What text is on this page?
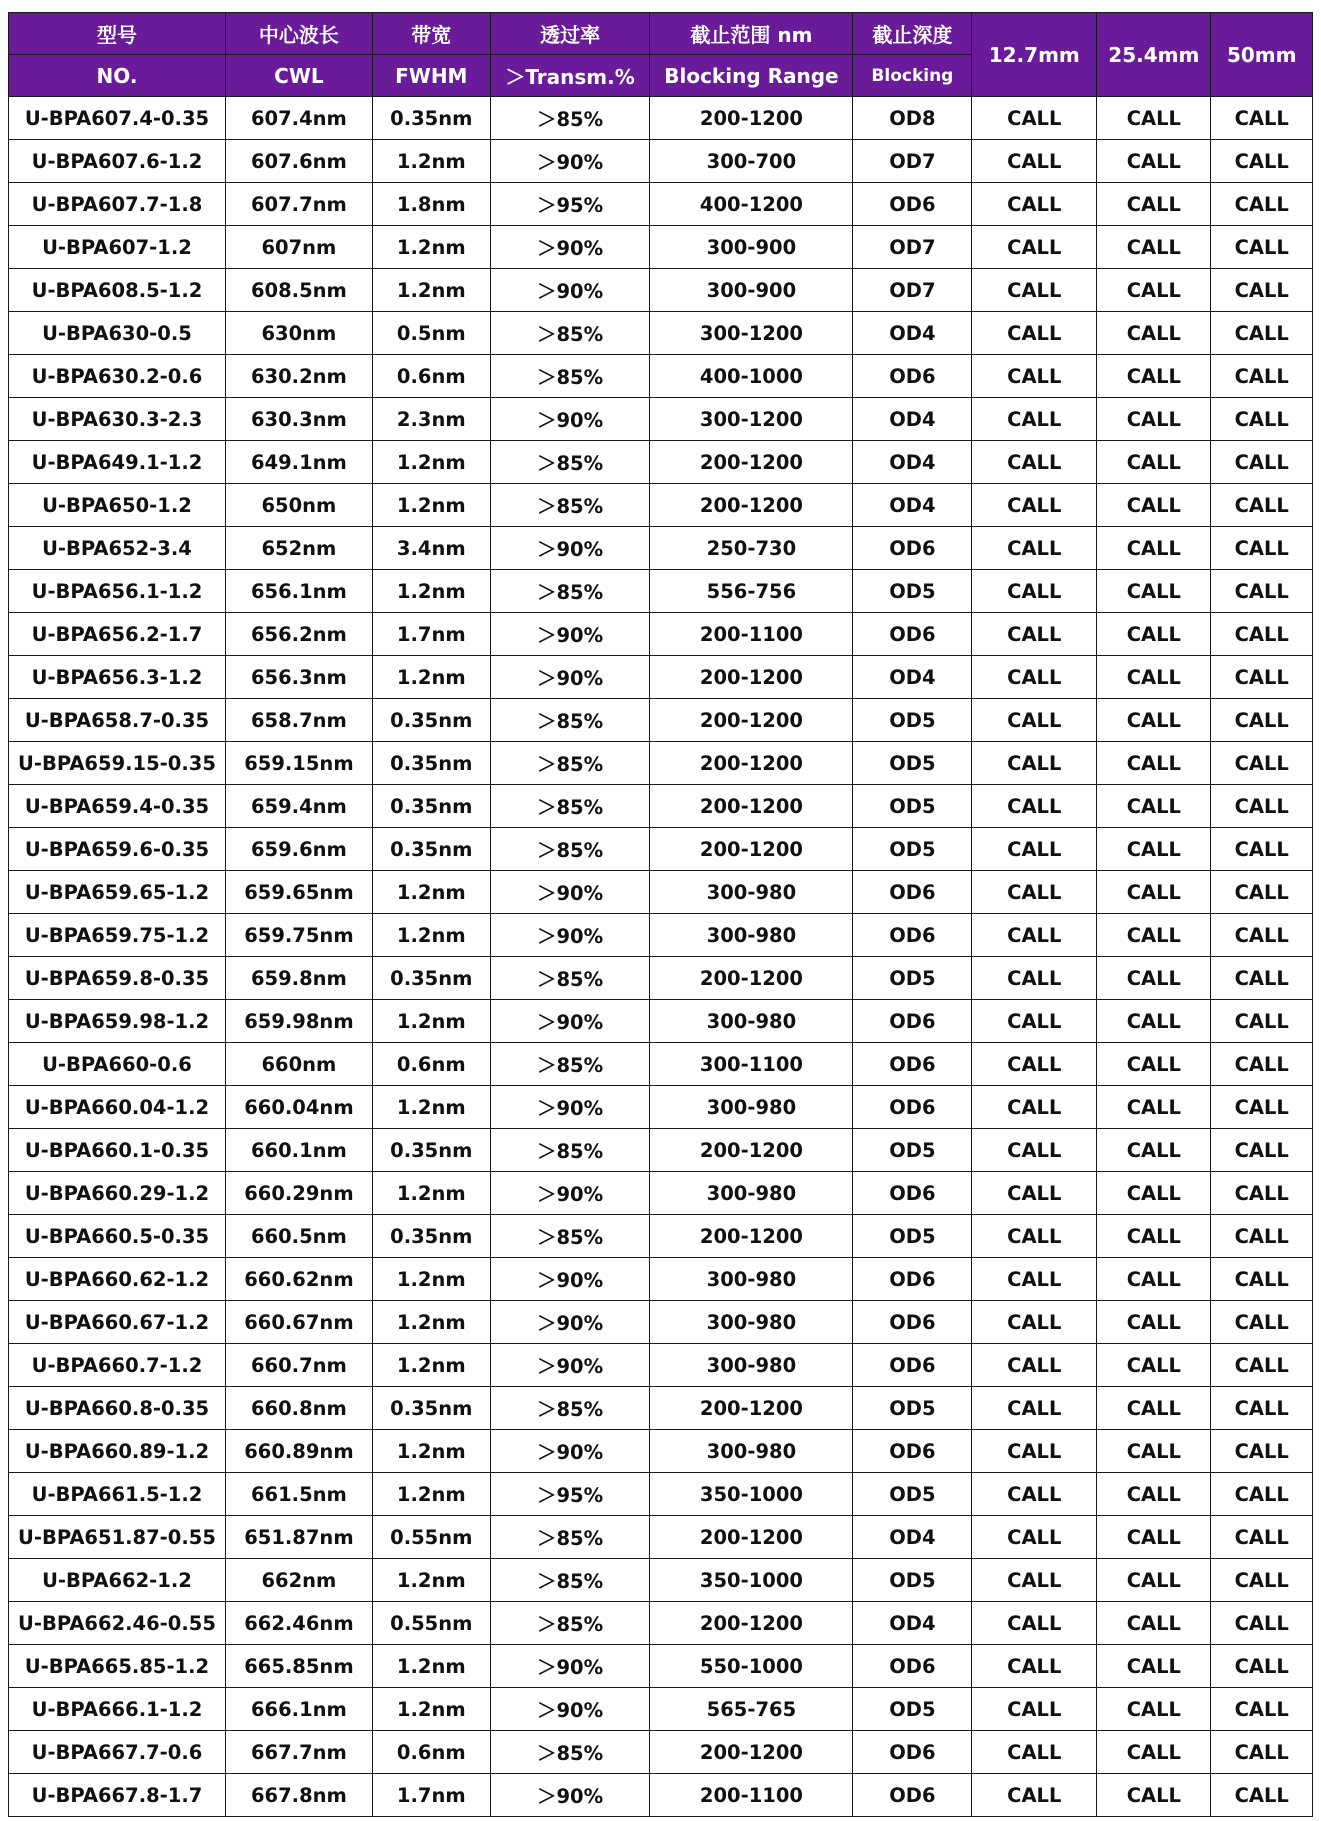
型号	中心波长	带宽	透过率	截止范围 nm	截止深度	12.7mm	25.4mm	50mm
NO.	CWL	FWHM	＞Transm.%	Blocking Range	Blocking			
U-BPA607.4-0.35	607.4nm	0.35nm	＞85%	200-1200	OD8	CALL	CALL	CALL
U-BPA607.6-1.2	607.6nm	1.2nm	＞90%	300-700	OD7	CALL	CALL	CALL
U-BPA607.7-1.8	607.7nm	1.8nm	＞95%	400-1200	OD6	CALL	CALL	CALL
U-BPA607-1.2	607nm	1.2nm	＞90%	300-900	OD7	CALL	CALL	CALL
U-BPA608.5-1.2	608.5nm	1.2nm	＞90%	300-900	OD7	CALL	CALL	CALL
U-BPA630-0.5	630nm	0.5nm	＞85%	300-1200	OD4	CALL	CALL	CALL
U-BPA630.2-0.6	630.2nm	0.6nm	＞85%	400-1000	OD6	CALL	CALL	CALL
U-BPA630.3-2.3	630.3nm	2.3nm	＞90%	300-1200	OD4	CALL	CALL	CALL
U-BPA649.1-1.2	649.1nm	1.2nm	＞85%	200-1200	OD4	CALL	CALL	CALL
U-BPA650-1.2	650nm	1.2nm	＞85%	200-1200	OD4	CALL	CALL	CALL
U-BPA652-3.4	652nm	3.4nm	＞90%	250-730	OD6	CALL	CALL	CALL
U-BPA656.1-1.2	656.1nm	1.2nm	＞85%	556-756	OD5	CALL	CALL	CALL
U-BPA656.2-1.7	656.2nm	1.7nm	＞90%	200-1100	OD6	CALL	CALL	CALL
U-BPA656.3-1.2	656.3nm	1.2nm	＞90%	200-1200	OD4	CALL	CALL	CALL
U-BPA658.7-0.35	658.7nm	0.35nm	＞85%	200-1200	OD5	CALL	CALL	CALL
U-BPA659.15-0.35	659.15nm	0.35nm	＞85%	200-1200	OD5	CALL	CALL	CALL
U-BPA659.4-0.35	659.4nm	0.35nm	＞85%	200-1200	OD5	CALL	CALL	CALL
U-BPA659.6-0.35	659.6nm	0.35nm	＞85%	200-1200	OD5	CALL	CALL	CALL
U-BPA659.65-1.2	659.65nm	1.2nm	＞90%	300-980	OD6	CALL	CALL	CALL
U-BPA659.75-1.2	659.75nm	1.2nm	＞90%	300-980	OD6	CALL	CALL	CALL
U-BPA659.8-0.35	659.8nm	0.35nm	＞85%	200-1200	OD5	CALL	CALL	CALL
U-BPA659.98-1.2	659.98nm	1.2nm	＞90%	300-980	OD6	CALL	CALL	CALL
U-BPA660-0.6	660nm	0.6nm	＞85%	300-1100	OD6	CALL	CALL	CALL
U-BPA660.04-1.2	660.04nm	1.2nm	＞90%	300-980	OD6	CALL	CALL	CALL
U-BPA660.1-0.35	660.1nm	0.35nm	＞85%	200-1200	OD5	CALL	CALL	CALL
U-BPA660.29-1.2	660.29nm	1.2nm	＞90%	300-980	OD6	CALL	CALL	CALL
U-BPA660.5-0.35	660.5nm	0.35nm	＞85%	200-1200	OD5	CALL	CALL	CALL
U-BPA660.62-1.2	660.62nm	1.2nm	＞90%	300-980	OD6	CALL	CALL	CALL
U-BPA660.67-1.2	660.67nm	1.2nm	＞90%	300-980	OD6	CALL	CALL	CALL
U-BPA660.7-1.2	660.7nm	1.2nm	＞90%	300-980	OD6	CALL	CALL	CALL
U-BPA660.8-0.35	660.8nm	0.35nm	＞85%	200-1200	OD5	CALL	CALL	CALL
U-BPA660.89-1.2	660.89nm	1.2nm	＞90%	300-980	OD6	CALL	CALL	CALL
U-BPA661.5-1.2	661.5nm	1.2nm	＞95%	350-1000	OD5	CALL	CALL	CALL
U-BPA651.87-0.55	651.87nm	0.55nm	＞85%	200-1200	OD4	CALL	CALL	CALL
U-BPA662-1.2	662nm	1.2nm	＞85%	350-1000	OD5	CALL	CALL	CALL
U-BPA662.46-0.55	662.46nm	0.55nm	＞85%	200-1200	OD4	CALL	CALL	CALL
U-BPA665.85-1.2	665.85nm	1.2nm	＞90%	550-1000	OD6	CALL	CALL	CALL
U-BPA666.1-1.2	666.1nm	1.2nm	＞90%	565-765	OD5	CALL	CALL	CALL
U-BPA667.7-0.6	667.7nm	0.6nm	＞85%	200-1200	OD6	CALL	CALL	CALL
U-BPA667.8-1.7	667.8nm	1.7nm	＞90%	200-1100	OD6	CALL	CALL	CALL
